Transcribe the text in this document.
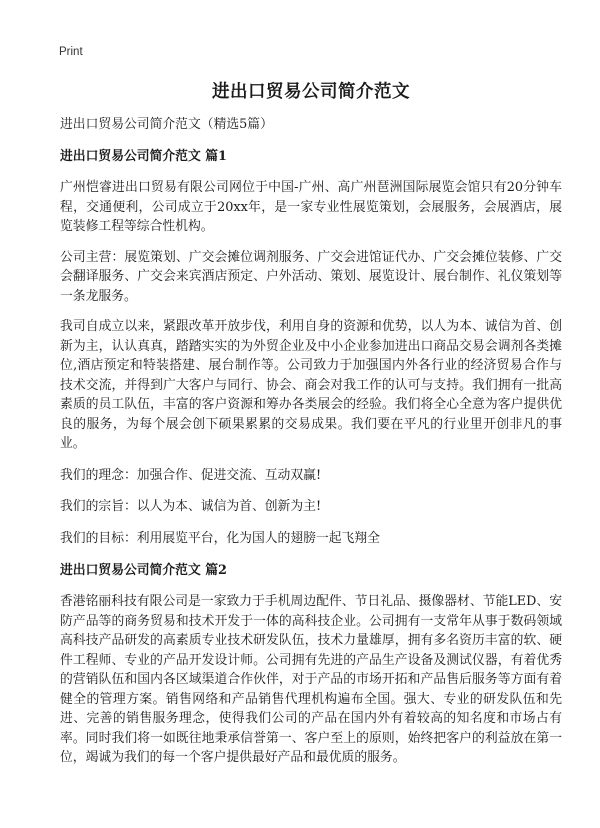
Print
进出口贸易公司简介范文
进出口贸易公司简介范文（精选5篇）
进出口贸易公司简介范文 篇1

广州恺睿进出口贸易有限公司网位于中国-广州、高广州琶洲国际展览会馆只有20分钟车程，交通便利，公司成立于20xx年，是一家专业性展览策划，会展服务，会展酒店，展览装修工程等综合性机构。

公司主营：展览策划、广交会摊位调剂服务、广交会进馆证代办、广交会摊位装修、广交会翻译服务、广交会来宾酒店预定、户外活动、策划、展览设计、展台制作、礼仪策划等一条龙服务。

我司自成立以来，紧跟改革开放步伐，利用自身的资源和优势，以人为本、诚信为首、创新为主，认认真真，踏踏实实的为外贸企业及中小企业参加进出口商品交易会调剂各类摊位,酒店预定和特装搭建、展台制作等。公司致力于加强国内外各行业的经济贸易合作与技术交流，并得到广大客户与同行、协会、商会对我工作的认可与支持。我们拥有一批高素质的员工队伍，丰富的客户资源和筹办各类展会的经验。我们将全心全意为客户提供优良的服务，为每个展会创下硕果累累的交易成果。我们要在平凡的行业里开创非凡的事业。

我们的理念：加强合作、促进交流、互动双赢!

我们的宗旨：以人为本、诚信为首、创新为主!

我们的目标：利用展览平台，化为国人的翅膀一起飞翔全

进出口贸易公司简介范文 篇2

香港铭丽科技有限公司是一家致力于手机周边配件、节日礼品、摄像器材、节能LED、安防产品等的商务贸易和技术开发于一体的高科技企业。公司拥有一支常年从事于数码领域高科技产品研发的高素质专业技术研发队伍，技术力量雄厚，拥有多名资历丰富的软、硬件工程师、专业的产品开发设计师。公司拥有先进的产品生产设备及测试仪器，有着优秀的营销队伍和国内各区域渠道合作伙伴，对于产品的市场开拓和产品售后服务等方面有着健全的管理方案。销售网络和产品销售代理机构遍布全国。强大、专业的研发队伍和先进、完善的销售服务理念，使得我们公司的产品在国内外有着较高的知名度和市场占有率。同时我们将一如既往地秉承信誉第一、客户至上的原则，始终把客户的利益放在第一位，竭诚为我们的每一个客户提供最好产品和最优质的服务。
